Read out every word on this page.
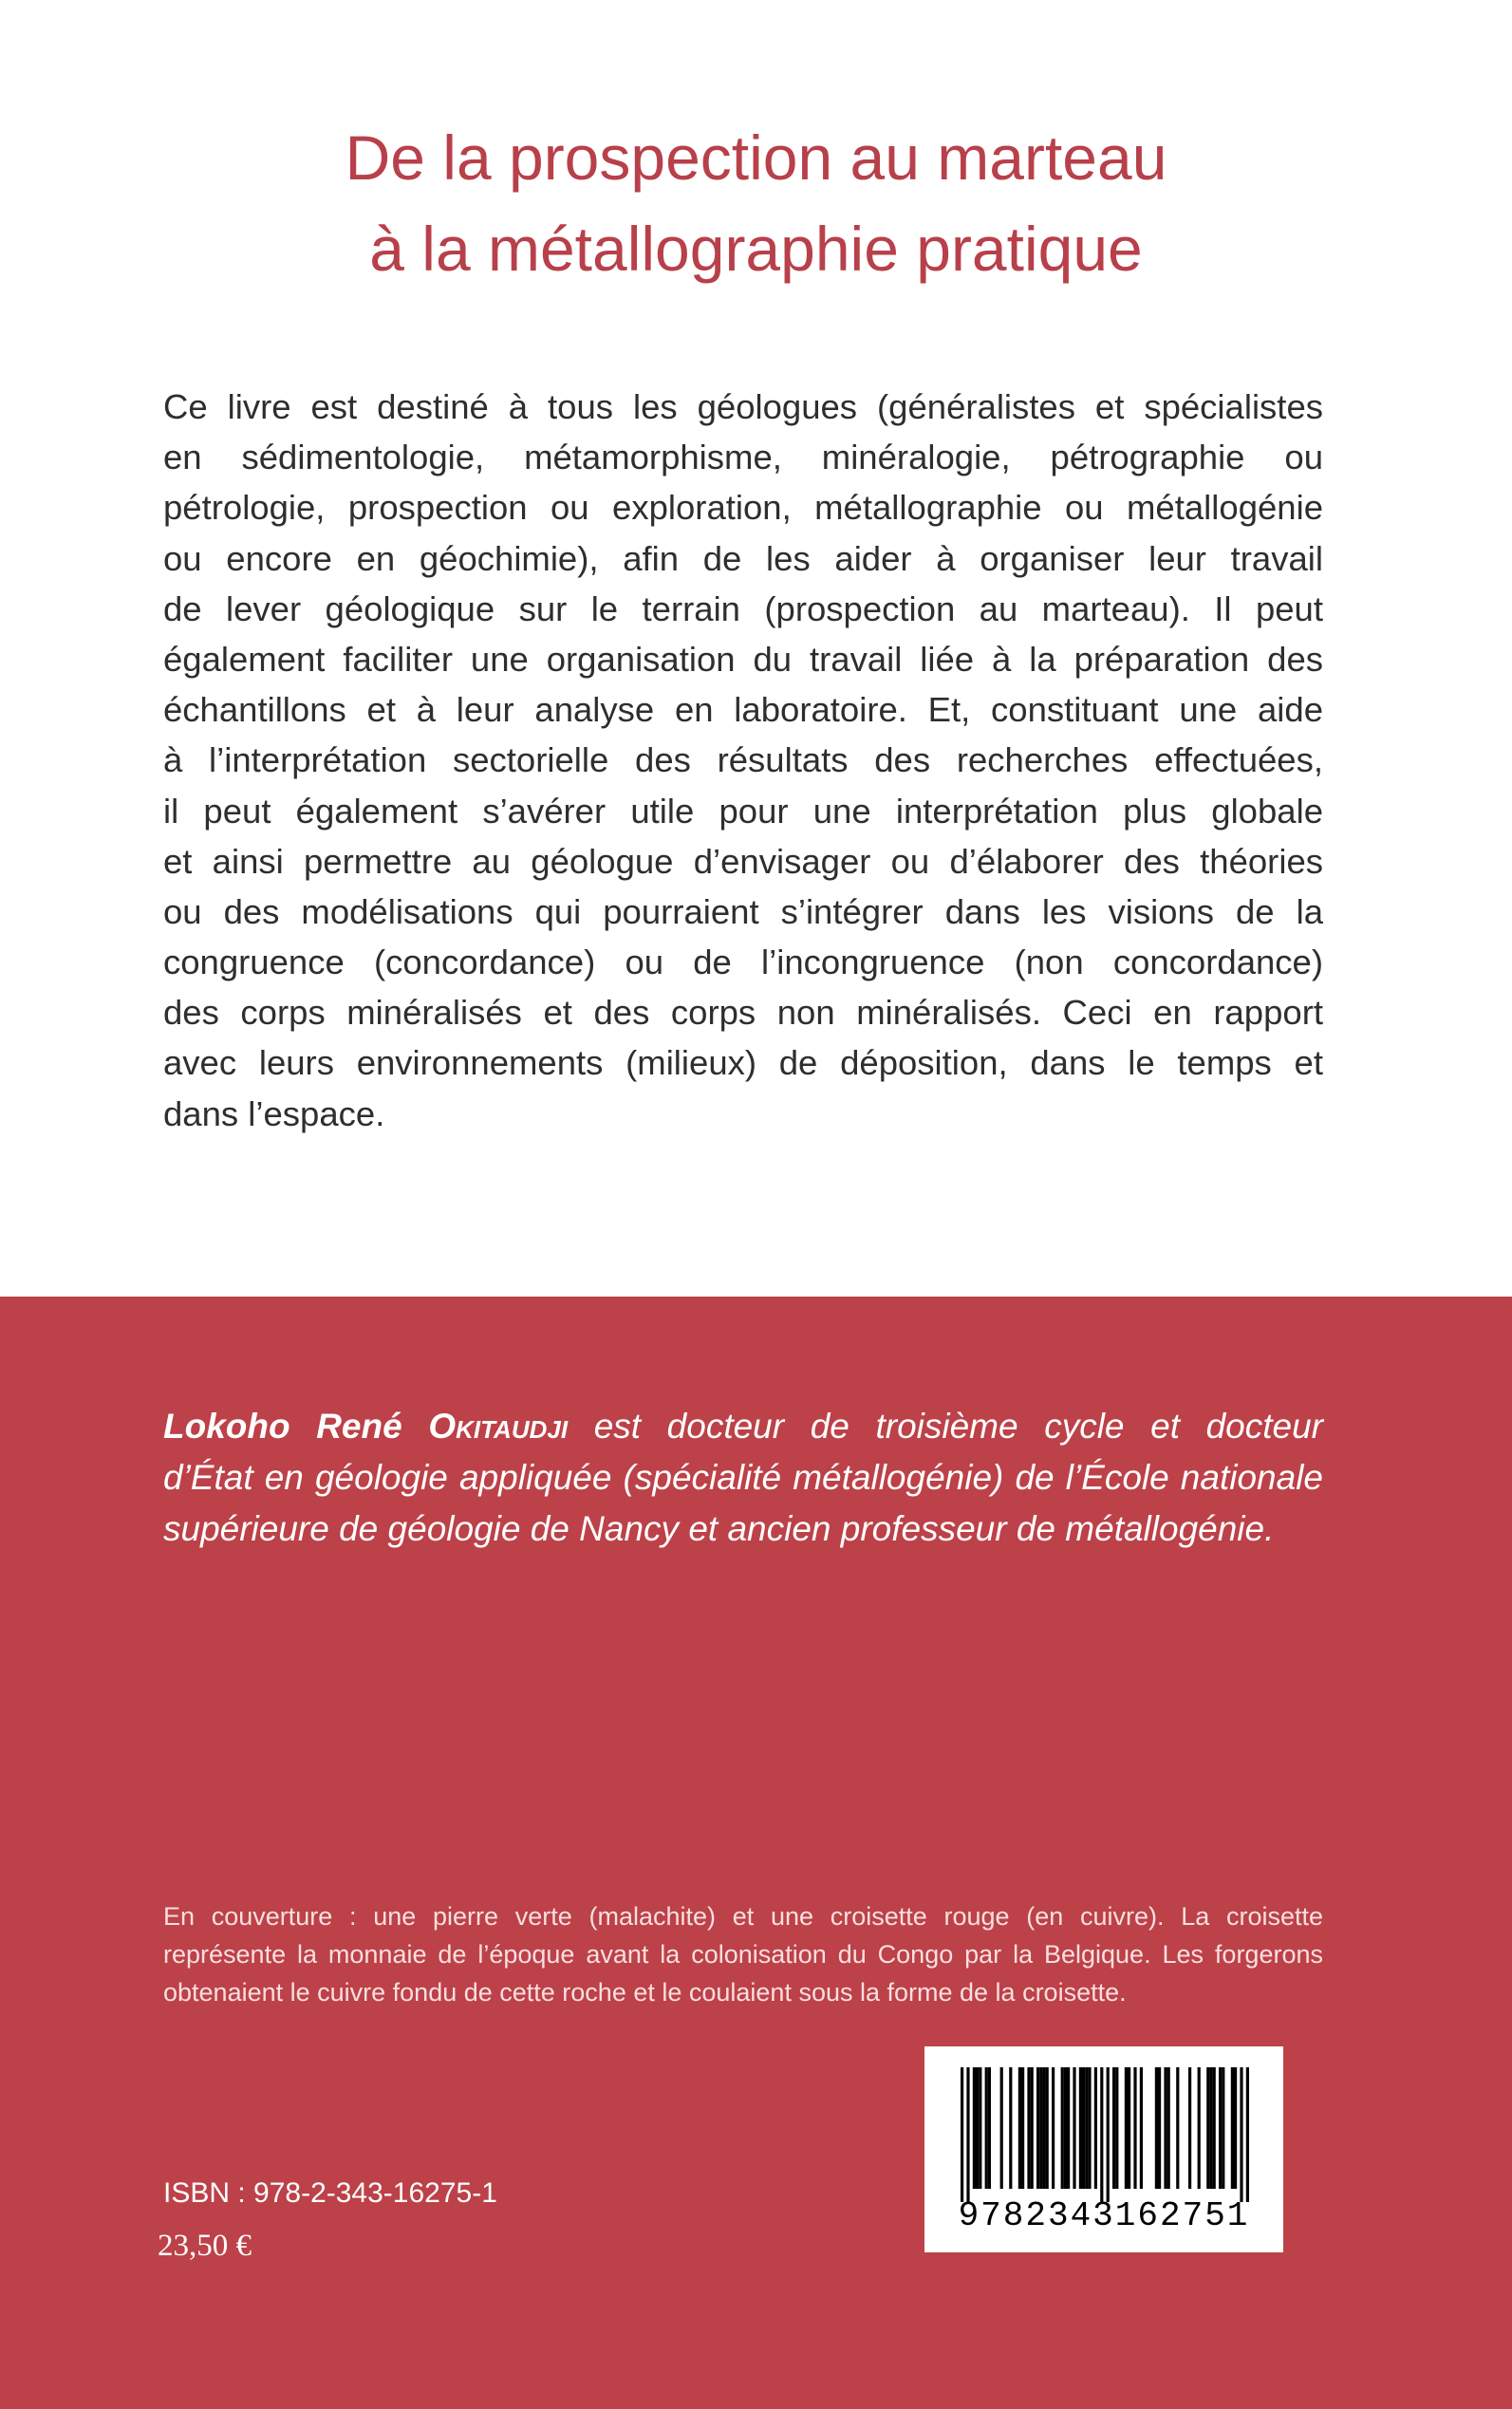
De la prospection au marteau
à la métallographie pratique
Ce livre est destiné à tous les géologues (généralistes et spécialistes
en sédimentologie, métamorphisme, minéralogie, pétrographie ou
pétrologie, prospection ou exploration, métallographie ou métallogénie
ou encore en géochimie), afin de les aider à organiser leur travail
de lever géologique sur le terrain (prospection au marteau). Il peut
également faciliter une organisation du travail liée à la préparation des
échantillons et à leur analyse en laboratoire. Et, constituant une aide
à l’interprétation sectorielle des résultats des recherches effectuées,
il peut également s’avérer utile pour une interprétation plus globale
et ainsi permettre au géologue d’envisager ou d’élaborer des théories
ou des modélisations qui pourraient s’intégrer dans les visions de la
congruence (concordance) ou de l’incongruence (non concordance)
des corps minéralisés et des corps non minéralisés. Ceci en rapport
avec leurs environnements (milieux) de déposition, dans le temps et
dans l’espace.
Lokoho René Okitaudji est docteur de troisième cycle et docteur
d’État en géologie appliquée (spécialité métallogénie) de l’École nationale
supérieure de géologie de Nancy et ancien professeur de métallogénie.
En couverture : une pierre verte (malachite) et une croisette rouge (en cuivre). La croisette
représente la monnaie de l’époque avant la colonisation du Congo par la Belgique. Les forgerons
obtenaient le cuivre fondu de cette roche et le coulaient sous la forme de la croisette.
ISBN : 978-2-343-16275-1
23,50 €
9782343162751
